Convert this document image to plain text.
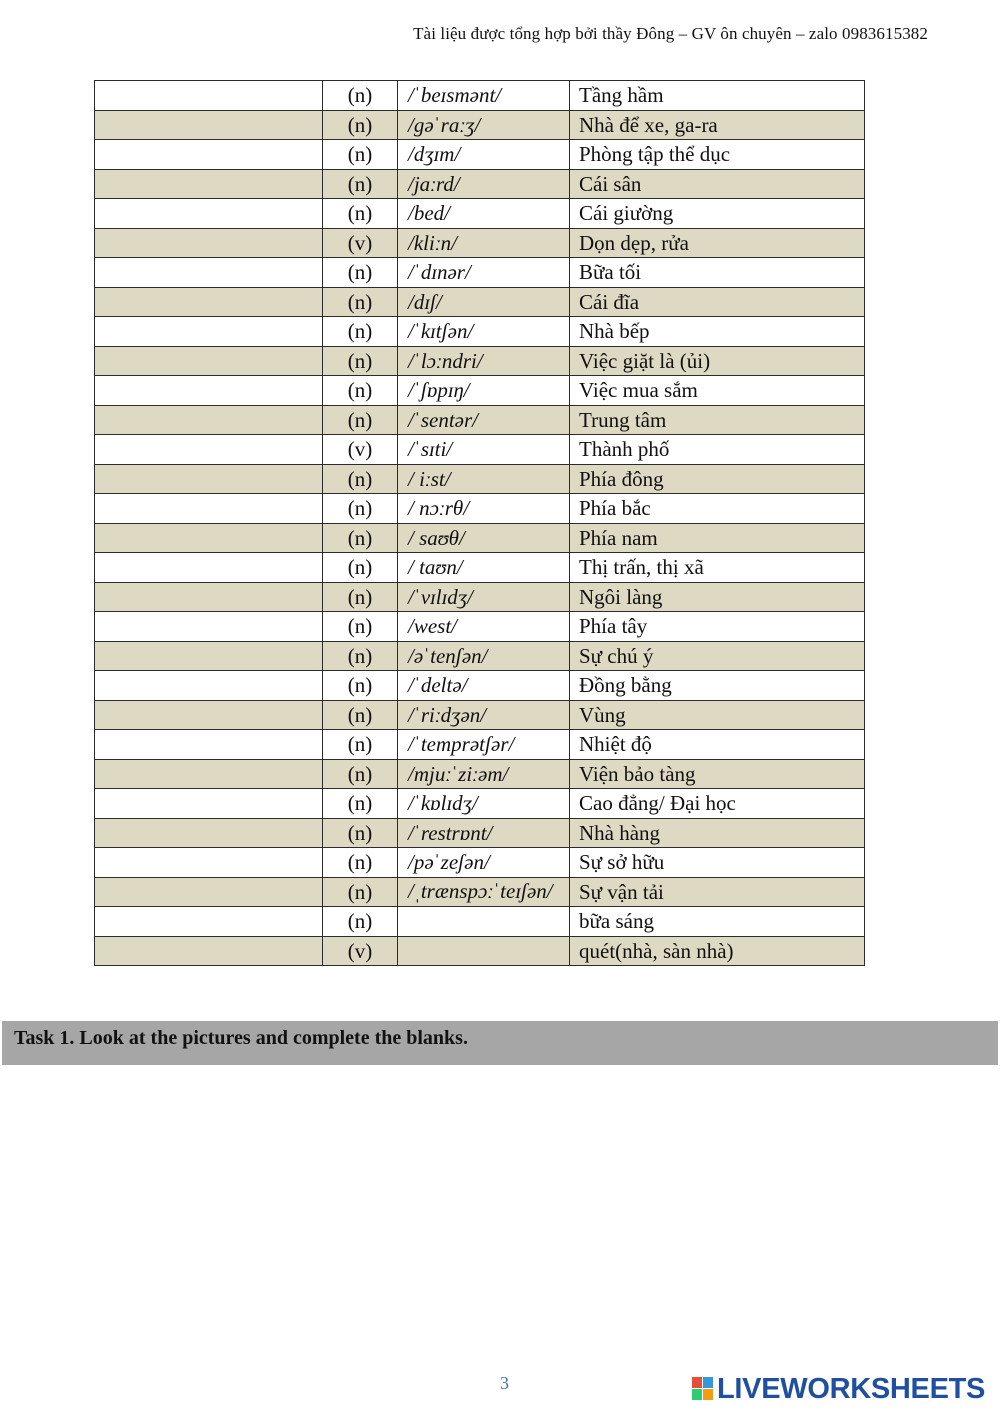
Tài liệu được tổng hợp bởi thầy Đông – GV ôn chuyên – zalo 0983615382
	(n)	/ˈbeɪsmənt/	Tầng hầm
	(n)	/gəˈraːʒ/	Nhà để xe, ga-ra
	(n)	/dʒɪm/	Phòng tập thể dục
	(n)	/jaːrd/	Cái sân
	(n)	/bed/	Cái giường
	(v)	/kliːn/	Dọn dẹp, rửa
	(n)	/ˈdɪnər/	Bữa tối
	(n)	/dɪʃ/	Cái đĩa
	(n)	/ˈkɪtʃən/	Nhà bếp
	(n)	/ˈlɔːndri/	Việc giặt là (ủi)
	(n)	/ˈʃɒpɪŋ/	Việc mua sắm
	(n)	/ˈsentər/	Trung tâm
	(v)	/ˈsɪti/	Thành phố
	(n)	/ iːst/	Phía đông
	(n)	/ nɔːrθ/	Phía bắc
	(n)	/ saʊθ/	Phía nam
	(n)	/ taʊn/	Thị trấn, thị xã
	(n)	/ˈvɪlɪdʒ/	Ngôi làng
	(n)	/west/	Phía tây
	(n)	/əˈtenʃən/	Sự chú ý
	(n)	/ˈdeltə/	Đồng bằng
	(n)	/ˈriːdʒən/	Vùng
	(n)	/ˈtemprətʃər/	Nhiệt độ
	(n)	/mjuːˈziːəm/	Viện bảo tàng
	(n)	/ˈkɒlɪdʒ/	Cao đẳng/ Đại học
	(n)	/ˈrestrɒnt/	Nhà hàng
	(n)	/pəˈzeʃən/	Sự sở hữu
	(n)	/ˌtrænspɔːˈteɪʃən/	Sự vận tải
	(n)		bữa sáng
	(v)		quét(nhà, sàn nhà)
Task 1. Look at the pictures and complete the blanks.
3	LIVEWORKSHEETS
